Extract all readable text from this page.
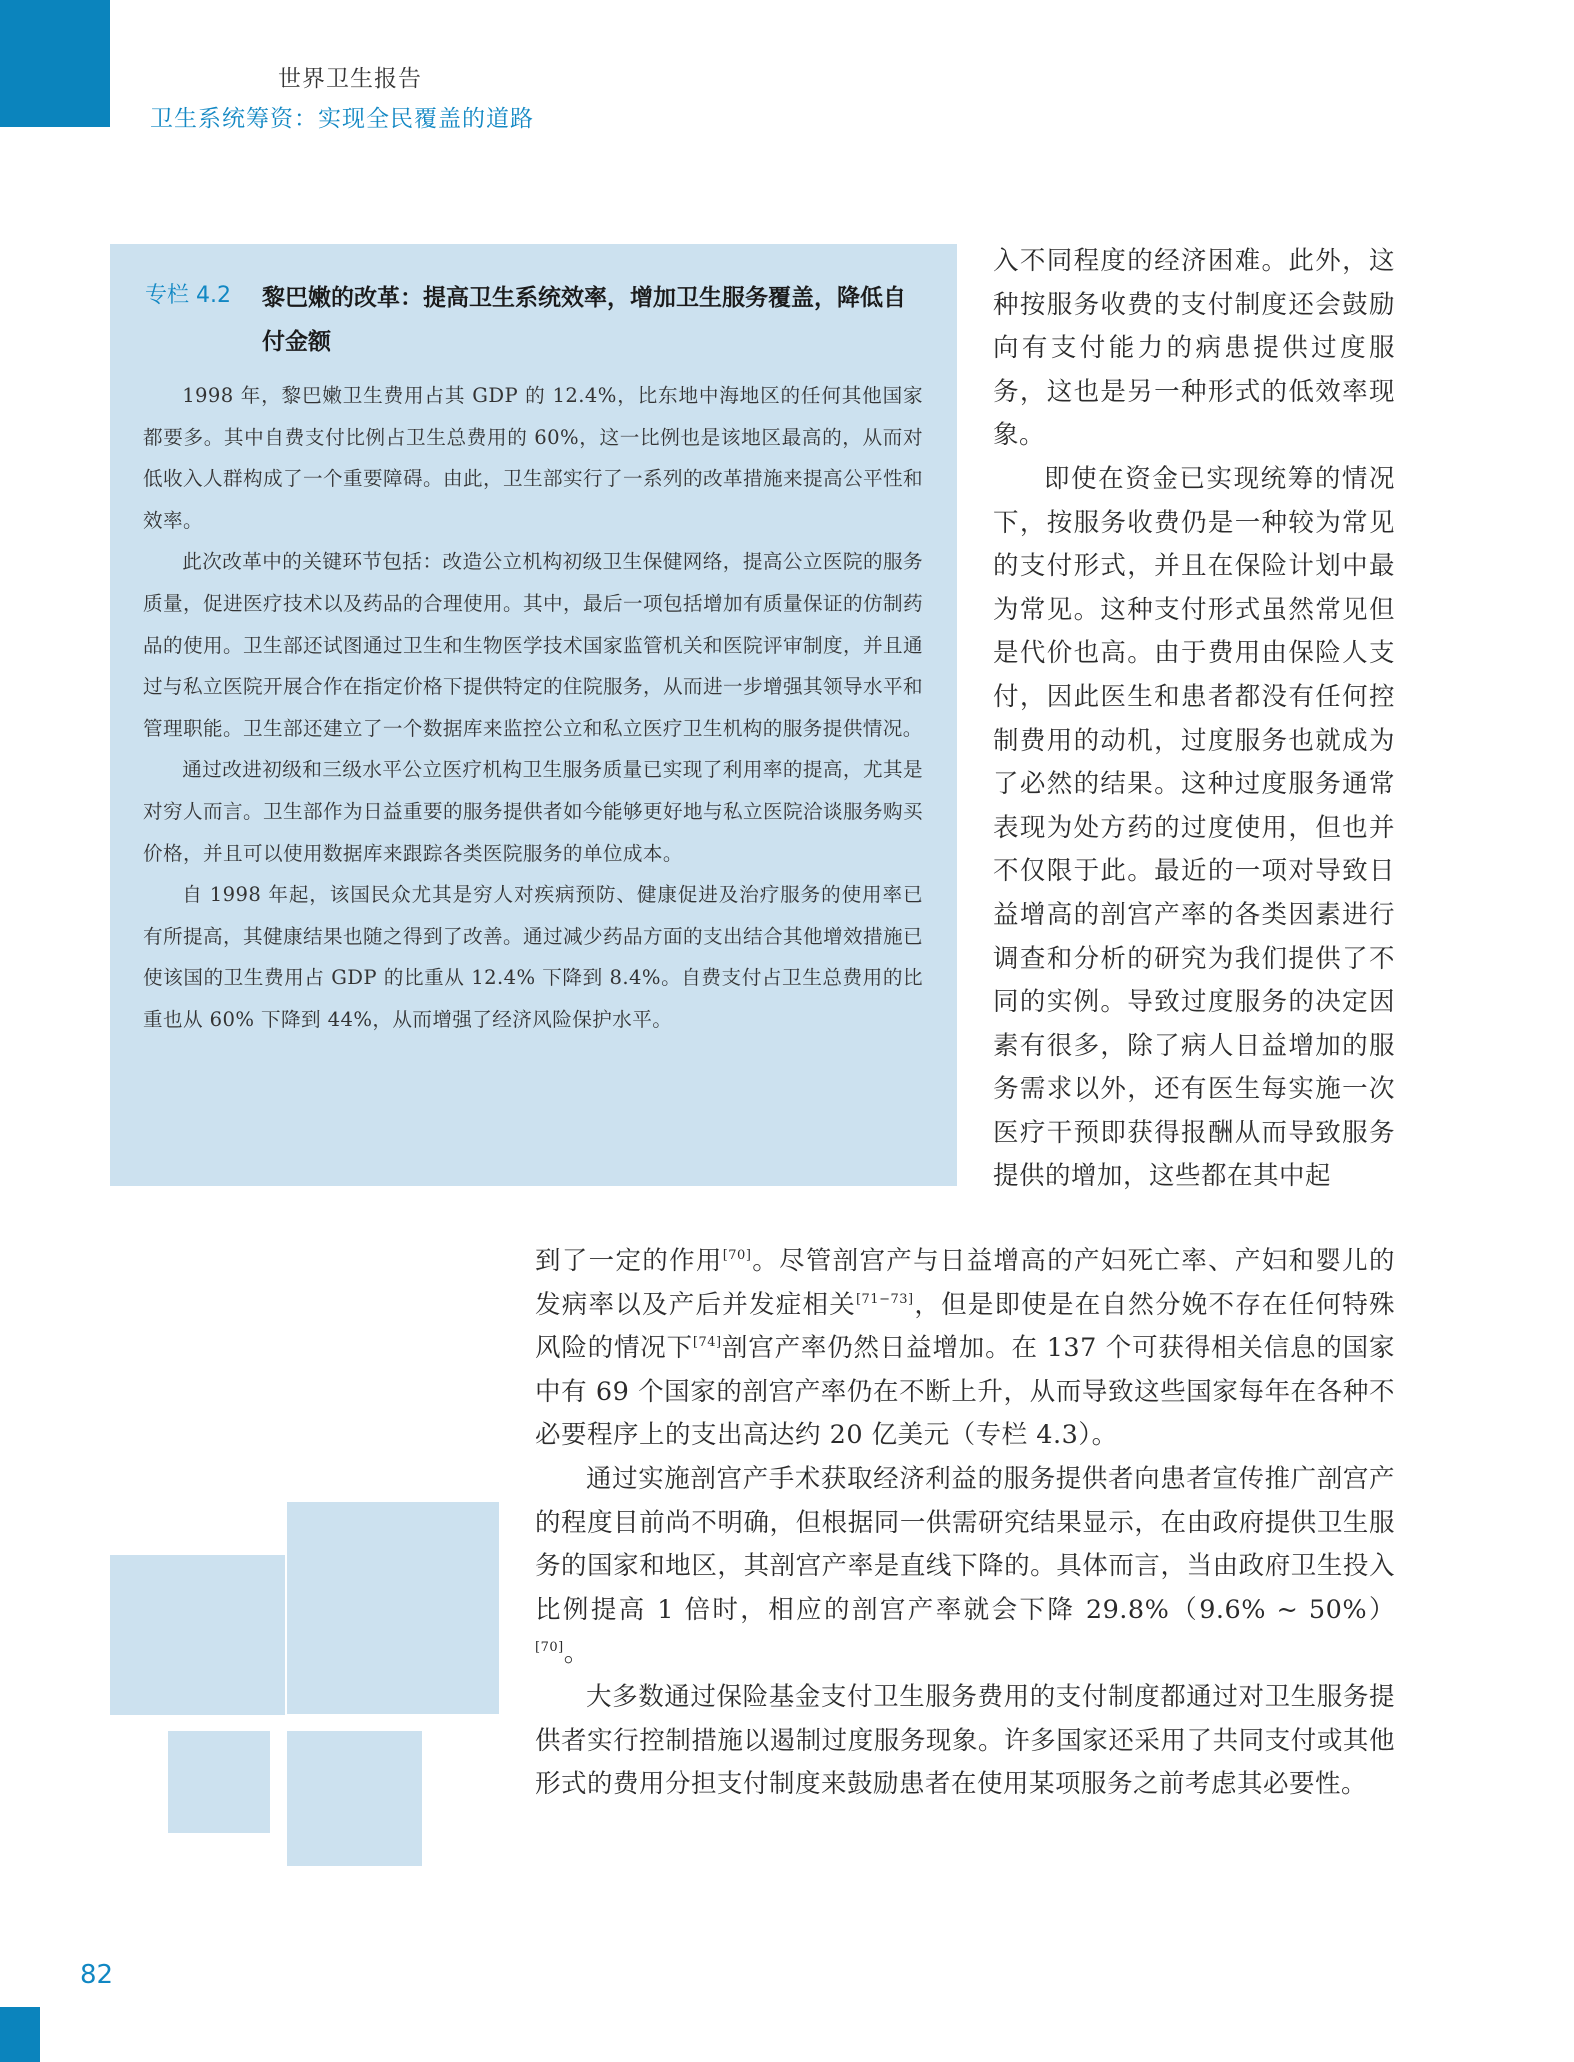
世界卫生报告
卫生系统筹资：实现全民覆盖的道路
专栏 4.2 黎巴嫩的改革：提高卫生系统效率，增加卫生服务覆盖，降低自付金额

1998 年，黎巴嫩卫生费用占其 GDP 的 12.4%，比东地中海地区的任何其他国家都要多。其中自费支付比例占卫生总费用的 60%，这一比例也是该地区最高的，从而对低收入人群构成了一个重要障碍。由此，卫生部实行了一系列的改革措施来提高公平性和效率。

此次改革中的关键环节包括：改造公立机构初级卫生保健网络，提高公立医院的服务质量，促进医疗技术以及药品的合理使用。其中，最后一项包括增加有质量保证的仿制药品的使用。卫生部还试图通过卫生和生物医学技术国家监管机关和医院评审制度，并且通过与私立医院开展合作在指定价格下提供特定的住院服务，从而进一步增强其领导水平和管理职能。卫生部还建立了一个数据库来监控公立和私立医疗卫生机构的服务提供情况。

通过改进初级和三级水平公立医疗机构卫生服务质量已实现了利用率的提高，尤其是对穷人而言。卫生部作为日益重要的服务提供者如今能够更好地与私立医院洽谈服务购买价格，并且可以使用数据库来跟踪各类医院服务的单位成本。

自 1998 年起，该国民众尤其是穷人对疾病预防、健康促进及治疗服务的使用率已有所提高，其健康结果也随之得到了改善。通过减少药品方面的支出结合其他增效措施已使该国的卫生费用占 GDP 的比重从 12.4% 下降到 8.4%。自费支付占卫生总费用的比重也从 60% 下降到 44%，从而增强了经济风险保护水平。

入不同程度的经济困难。此外，这种按服务收费的支付制度还会鼓励向有支付能力的病患提供过度服务，这也是另一种形式的低效率现象。

即使在资金已实现统筹的情况下，按服务收费仍是一种较为常见的支付形式，并且在保险计划中最为常见。这种支付形式虽然常见但是代价也高。由于费用由保险人支付，因此医生和患者都没有任何控制费用的动机，过度服务也就成为了必然的结果。这种过度服务通常表现为处方药的过度使用，但也并不仅限于此。最近的一项对导致日益增高的剖宫产率的各类因素进行调查和分析的研究为我们提供了不同的实例。导致过度服务的决定因素有很多，除了病人日益增加的服务需求以外，还有医生每实施一次医疗干预即获得报酬从而导致服务提供的增加，这些都在其中起

到了一定的作用[70]。尽管剖宫产与日益增高的产妇死亡率、产妇和婴儿的发病率以及产后并发症相关[71−73]，但是即使是在自然分娩不存在任何特殊风险的情况下[74]剖宫产率仍然日益增加。在 137 个可获得相关信息的国家中有 69 个国家的剖宫产率仍在不断上升，从而导致这些国家每年在各种不必要程序上的支出高达约 20 亿美元（专栏 4.3）。

通过实施剖宫产手术获取经济利益的服务提供者向患者宣传推广剖宫产的程度目前尚不明确，但根据同一供需研究结果显示，在由政府提供卫生服务的国家和地区，其剖宫产率是直线下降的。具体而言，当由政府卫生投入比例提高 1 倍时，相应的剖宫产率就会下降 29.8%（9.6% ~ 50%）[70]。

大多数通过保险基金支付卫生服务费用的支付制度都通过对卫生服务提供者实行控制措施以遏制过度服务现象。许多国家还采用了共同支付或其他形式的费用分担支付制度来鼓励患者在使用某项服务之前考虑其必要性。

82
